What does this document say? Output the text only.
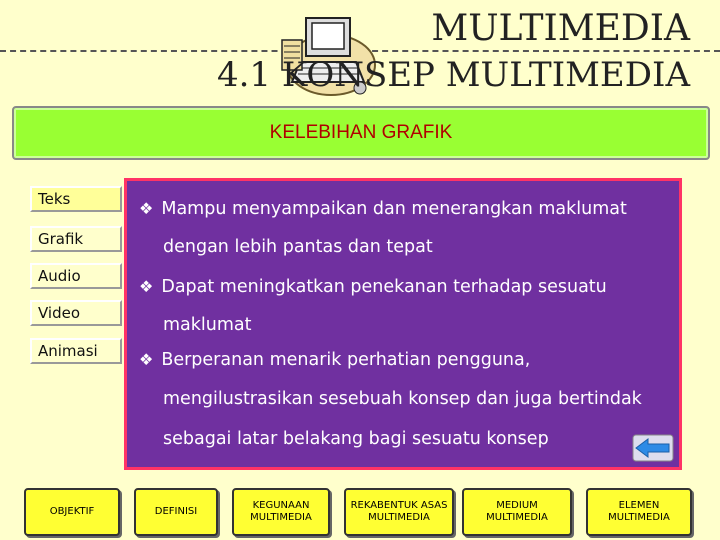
MULTIMEDIA
4.1 KONSEP MULTIMEDIA
KELEBIHAN GRAFIK
Teks
Grafik
Audio
Video
Animasi
❖ Mampu menyampaikan dan menerangkan maklumat
dengan lebih pantas dan tepat
❖ Dapat meningkatkan penekanan terhadap sesuatu
maklumat
❖ Berperanan menarik perhatian pengguna,
mengilustrasikan sesebuah konsep dan juga bertindak
sebagai latar belakang bagi sesuatu konsep
OBJEKTIF	DEFINISI
KEGUNAAN MULTIMEDIA
REKABENTUK ASAS MULTIMEDIA
MEDIUM MULTIMEDIA
ELEMEN MULTIMEDIA
